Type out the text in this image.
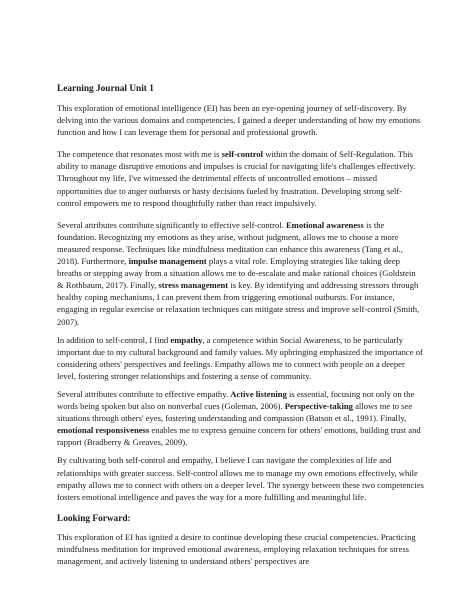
Learning Journal Unit 1

This exploration of emotional intelligence (EI) has been an eye-opening journey of self-discovery. By delving into the various domains and competencies, I gained a deeper understanding of how my emotions function and how I can leverage them for personal and professional growth.

The competence that resonates most with me is self-control within the domain of Self-Regulation. This ability to manage disruptive emotions and impulses is crucial for navigating life's challenges effectively. Throughout my life, I've witnessed the detrimental effects of uncontrolled emotions – missed opportunities due to anger outbursts or hasty decisions fueled by frustration. Developing strong self-control empowers me to respond thoughtfully rather than react impulsively.

Several attributes contribute significantly to effective self-control. Emotional awareness is the foundation. Recognizing my emotions as they arise, without judgment, allows me to choose a more measured response. Techniques like mindfulness meditation can enhance this awareness (Tang et al., 2018). Furthermore, impulse management plays a vital role. Employing strategies like taking deep breaths or stepping away from a situation allows me to de-escalate and make rational choices (Goldstein & Rothbaum, 2017). Finally, stress management is key. By identifying and addressing stressors through healthy coping mechanisms, I can prevent them from triggering emotional outbursts. For instance, engaging in regular exercise or relaxation techniques can mitigate stress and improve self-control (Smith, 2007).

In addition to self-control, I find empathy, a competence within Social Awareness, to be particularly important due to my cultural background and family values. My upbringing emphasized the importance of considering others' perspectives and feelings. Empathy allows me to connect with people on a deeper level, fostering stronger relationships and fostering a sense of community.

Several attributes contribute to effective empathy. Active listening is essential, focusing not only on the words being spoken but also on nonverbal cues (Goleman, 2006). Perspective-taking allows me to see situations through others' eyes, fostering understanding and compassion (Batson et al., 1991). Finally, emotional responsiveness enables me to express genuine concern for others' emotions, building trust and rapport (Bradberry & Greaves, 2009).

By cultivating both self-control and empathy, I believe I can navigate the complexities of life and relationships with greater success. Self-control allows me to manage my own emotions effectively, while empathy allows me to connect with others on a deeper level. The synergy between these two competencies fosters emotional intelligence and paves the way for a more fulfilling and meaningful life.

Looking Forward:

This exploration of EI has ignited a desire to continue developing these crucial competencies. Practicing mindfulness meditation for improved emotional awareness, employing relaxation techniques for stress management, and actively listening to understand others' perspectives are
